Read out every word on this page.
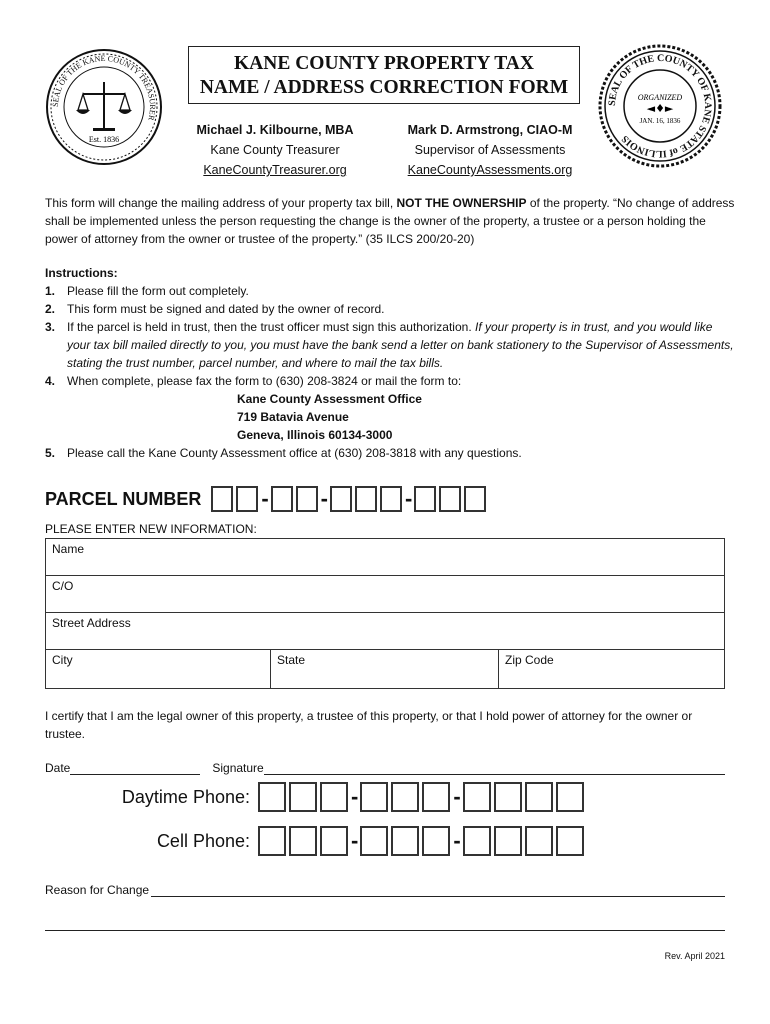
SEAL OF THE KANE COUNTY TREASURER
Est. 1836
KANE COUNTY PROPERTY TAX
NAME / ADDRESS CORRECTION FORM
Michael J. Kilbourne, MBA
Kane County Treasurer
KaneCountyTreasurer.org
Mark D. Armstrong, CIAO-M
Supervisor of Assessments
KaneCountyAssessments.org
SEAL OF THE COUNTY OF KANE STATE of ILLINOIS
ORGANIZED
◄♦►
JAN. 16, 1836
This form will change the mailing address of your property tax bill, NOT THE OWNERSHIP of the property. “No change of address shall be implemented unless the person requesting the change is the owner of the property, a trustee or a person holding the power of attorney from the owner or trustee of the property.” (35 ILCS 200/20-20)
Instructions:
1. Please fill the form out completely.
2. This form must be signed and dated by the owner of record.
3. If the parcel is held in trust, then the trust officer must sign this authorization. If your property is in trust, and you would like your tax bill mailed directly to you, you must have the bank send a letter on bank stationery to the Supervisor of Assessments, stating the trust number, parcel number, and where to mail the tax bills.
4. When complete, please fax the form to (630) 208-3824 or mail the form to:
Kane County Assessment Office
719 Batavia Avenue
Geneva, Illinois 60134-3000
5. Please call the Kane County Assessment office at (630) 208-3818 with any questions.
PARCEL NUMBER	- -	-
PLEASE ENTER NEW INFORMATION:
Name
C/O
Street Address
City	State	Zip Code
I certify that I am the legal owner of this property, a trustee of this property, or that I hold power of attorney for the owner or trustee.
Date	Signature
Daytime Phone:	-	-
Cell Phone:	-	-
Reason for Change
Rev. April 2021
